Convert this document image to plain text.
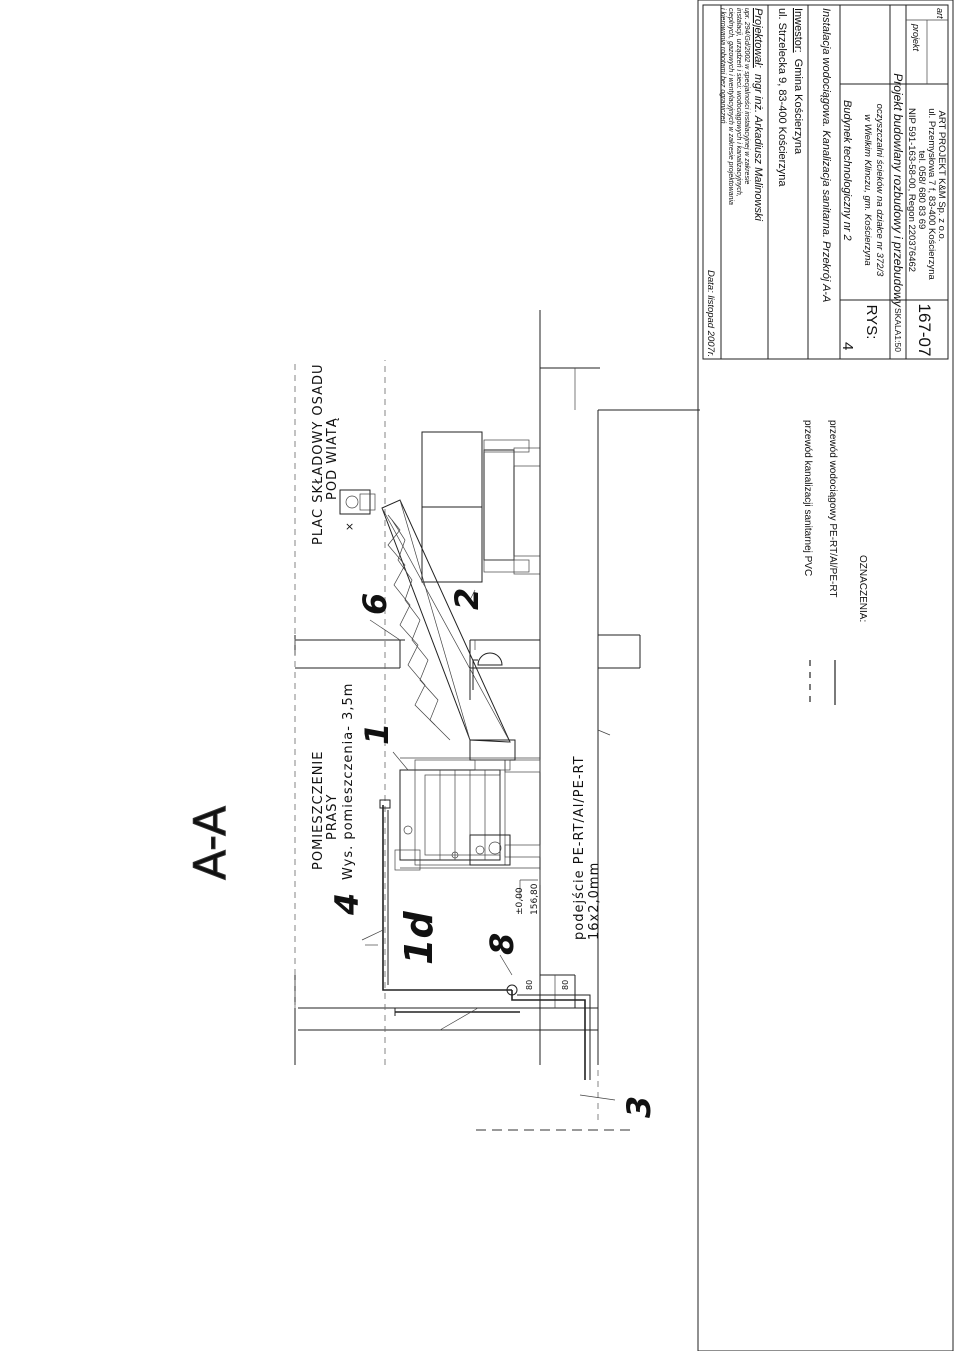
art
projekt
ART PROJEKT K&M Sp. z o.o.
ul. Przemysłowa 7 f, 83-400 Kościerzyna
tel. 058/ 680 83 69
NIP 591-163-58-00, Regon 220376462
167-07
Projekt budowlany rozbudowy i przebudowy
SKALA1:50
oczyszczalni ścieków na działce nr 372/3
w Wielkim Klinczu, gm. Kościerzyna
RYS:
4
Budynek technologiczny nr 2
Instalacja wodociągowa. Kanalizacja sanitarna. Przekrój A-A
Inwestor: Gmina Kościerzyna
ul. Strzelecka 9, 83-400 Kościerzyna
Projektował: mgr inż. Arkadiusz Malinowski
upr. 294/Gd/2002 w specjalności instalacyjnej w zakresie
instalacji, urządzeń i sieci: wodociągowych i kanalizacyjnych,
cieplnych, gazowych i wentylacyjnych w zakresie projektowania
i kierowania robotami bez ograniczeń
Data: listopad 2007r.
OZNACZENIA:
przewód wodociągowy PE-RT/Al/PE-RT
przewód kanalizacji sanitarnej PVC
A-A
80	80
×
±0,00 156,80
POMIESZCZENIE PRASY Wys. pomieszczenia- 3,5m
PLAC SKŁADOWY OSADU POD WIATĄ
podejście PE-RT/Al/PE-RT 16x2,0mm
1
1d
2
3
4
6
8
